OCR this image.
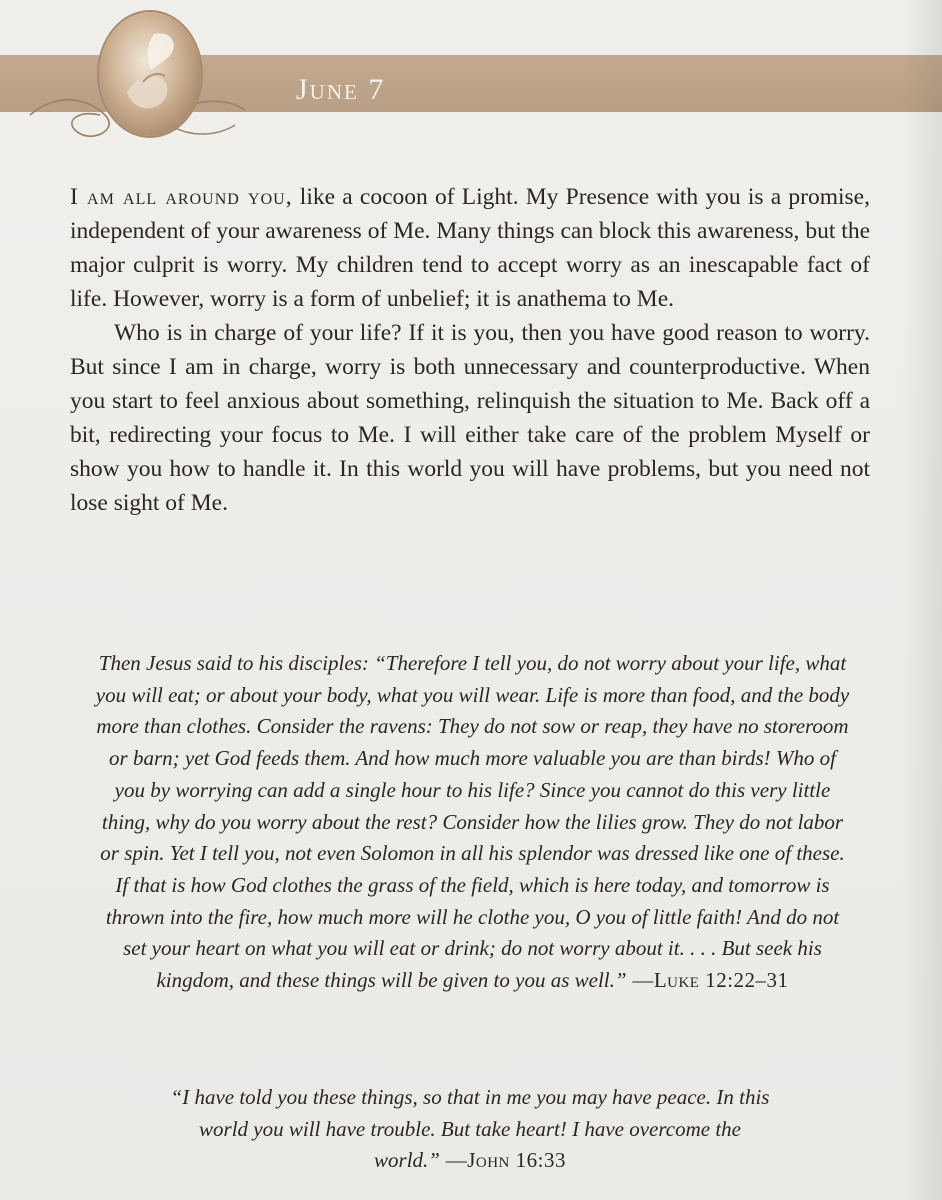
June 7

I am all around you, like a cocoon of Light. My Presence with you is a promise, independent of your awareness of Me. Many things can block this awareness, but the major culprit is worry. My children tend to accept worry as an inescapable fact of life. However, worry is a form of unbelief; it is anathema to Me.

Who is in charge of your life? If it is you, then you have good reason to worry. But since I am in charge, worry is both unnecessary and counterproductive. When you start to feel anxious about something, relinquish the situation to Me. Back off a bit, redirecting your focus to Me. I will either take care of the problem Myself or show you how to handle it. In this world you will have problems, but you need not lose sight of Me.

Then Jesus said to his disciples: “Therefore I tell you, do not worry about your life, what you will eat; or about your body, what you will wear. Life is more than food, and the body more than clothes. Consider the ravens: They do not sow or reap, they have no storeroom or barn; yet God feeds them. And how much more valuable you are than birds! Who of you by worrying can add a single hour to his life? Since you cannot do this very little thing, why do you worry about the rest? Consider how the lilies grow. They do not labor or spin. Yet I tell you, not even Solomon in all his splendor was dressed like one of these. If that is how God clothes the grass of the field, which is here today, and tomorrow is thrown into the fire, how much more will he clothe you, O you of little faith! And do not set your heart on what you will eat or drink; do not worry about it. . . . But seek his kingdom, and these things will be given to you as well.” —Luke 12:22–31
“I have told you these things, so that in me you may have peace. In this world you will have trouble. But take heart! I have overcome the world.” —John 16:33
